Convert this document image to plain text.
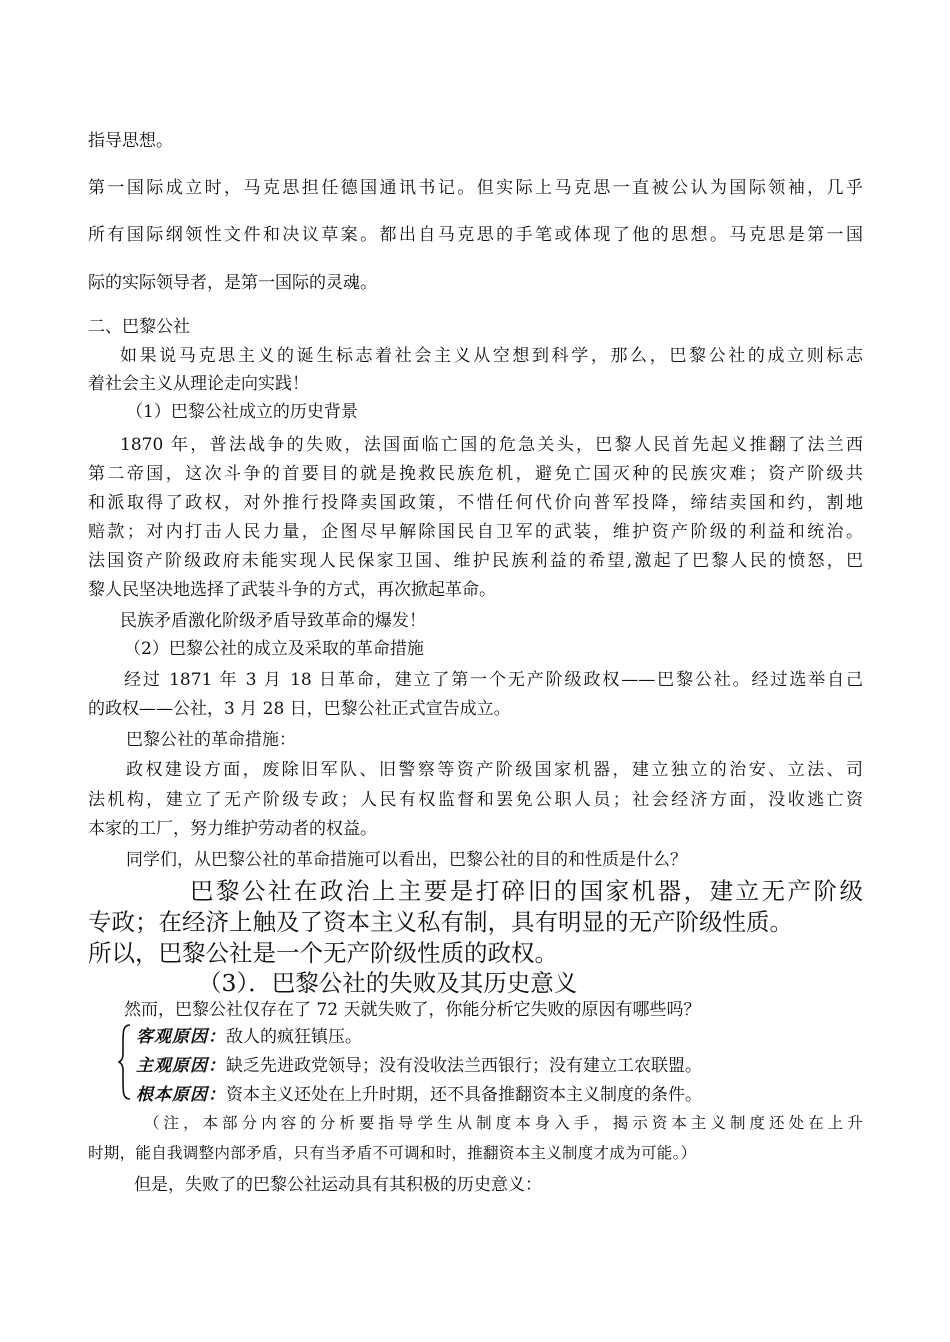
指导思想。
第一国际成立时，马克思担任德国通讯书记。但实际上马克思一直被公认为国际领袖，几乎
所有国际纲领性文件和决议草案。都出自马克思的手笔或体现了他的思想。马克思是第一国
际的实际领导者，是第一国际的灵魂。
二、巴黎公社
如果说马克思主义的诞生标志着社会主义从空想到科学，那么，巴黎公社的成立则标志
着社会主义从理论走向实践！
（1）巴黎公社成立的历史背景
1870 年，普法战争的失败，法国面临亡国的危急关头，巴黎人民首先起义推翻了法兰西
第二帝国，这次斗争的首要目的就是挽救民族危机，避免亡国灭种的民族灾难；资产阶级共
和派取得了政权，对外推行投降卖国政策，不惜任何代价向普军投降，缔结卖国和约，割地
赔款；对内打击人民力量，企图尽早解除国民自卫军的武装，维护资产阶级的利益和统治。
法国资产阶级政府未能实现人民保家卫国、维护民族利益的希望,激起了巴黎人民的愤怒，巴
黎人民坚决地选择了武装斗争的方式，再次掀起革命。
民族矛盾激化阶级矛盾导致革命的爆发！
（2）巴黎公社的成立及采取的革命措施
经过 1871 年 3 月 18 日革命，建立了第一个无产阶级政权——巴黎公社。经过选举自己
的政权——公社，3 月 28 日，巴黎公社正式宣告成立。
巴黎公社的革命措施：
政权建设方面，废除旧军队、旧警察等资产阶级国家机器，建立独立的治安、立法、司
法机构，建立了无产阶级专政；人民有权监督和罢免公职人员；社会经济方面，没收逃亡资
本家的工厂，努力维护劳动者的权益。
同学们，从巴黎公社的革命措施可以看出，巴黎公社的目的和性质是什么？
巴黎公社在政治上主要是打碎旧的国家机器，建立无产阶级
专政；在经济上触及了资本主义私有制，具有明显的无产阶级性质。
所以，巴黎公社是一个无产阶级性质的政权。
（3）．巴黎公社的失败及其历史意义
然而，巴黎公社仅存在了 72 天就失败了，你能分析它失败的原因有哪些吗？
客观原因：敌人的疯狂镇压。
主观原因：缺乏先进政党领导；没有没收法兰西银行；没有建立工农联盟。
根本原因：资本主义还处在上升时期，还不具备推翻资本主义制度的条件。
（注，本部分内容的分析要指导学生从制度本身入手，揭示资本主义制度还处在上升
时期，能自我调整内部矛盾，只有当矛盾不可调和时，推翻资本主义制度才成为可能。）
但是，失败了的巴黎公社运动具有其积极的历史意义：
